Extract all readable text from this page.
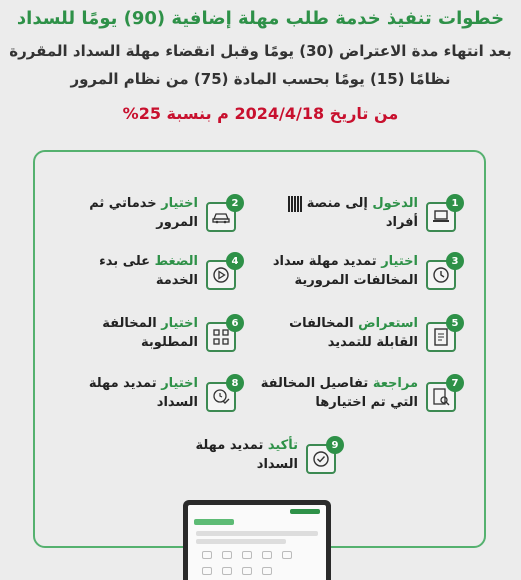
خطوات تنفيذ خدمة طلب مهلة إضافية (90) يومًا للسداد
بعد انتهاء مدة الاعتراض (30) يومًا وقبل انقضاء مهلة السداد المقررة
نظامًا (15) يومًا بحسب المادة (75) من نظام المرور
من تاريخ 2024/4/18 م بنسبة 25%
1
الدخول إلى منصة
أفراد
2
اختيار خدماتي ثم
المرور
3
اختيار تمديد مهلة سداد
المخالفات المرورية
4
الضغط على بدء
الخدمة
5
استعراض المخالفات
القابلة للتمديد
6
اختيار المخالفة
المطلوبة
7
مراجعة تفاصيل المخالفة
التي تم اختيارها
8
اختيار تمديد مهلة
السداد
9
تأكيد تمديد مهلة
السداد
